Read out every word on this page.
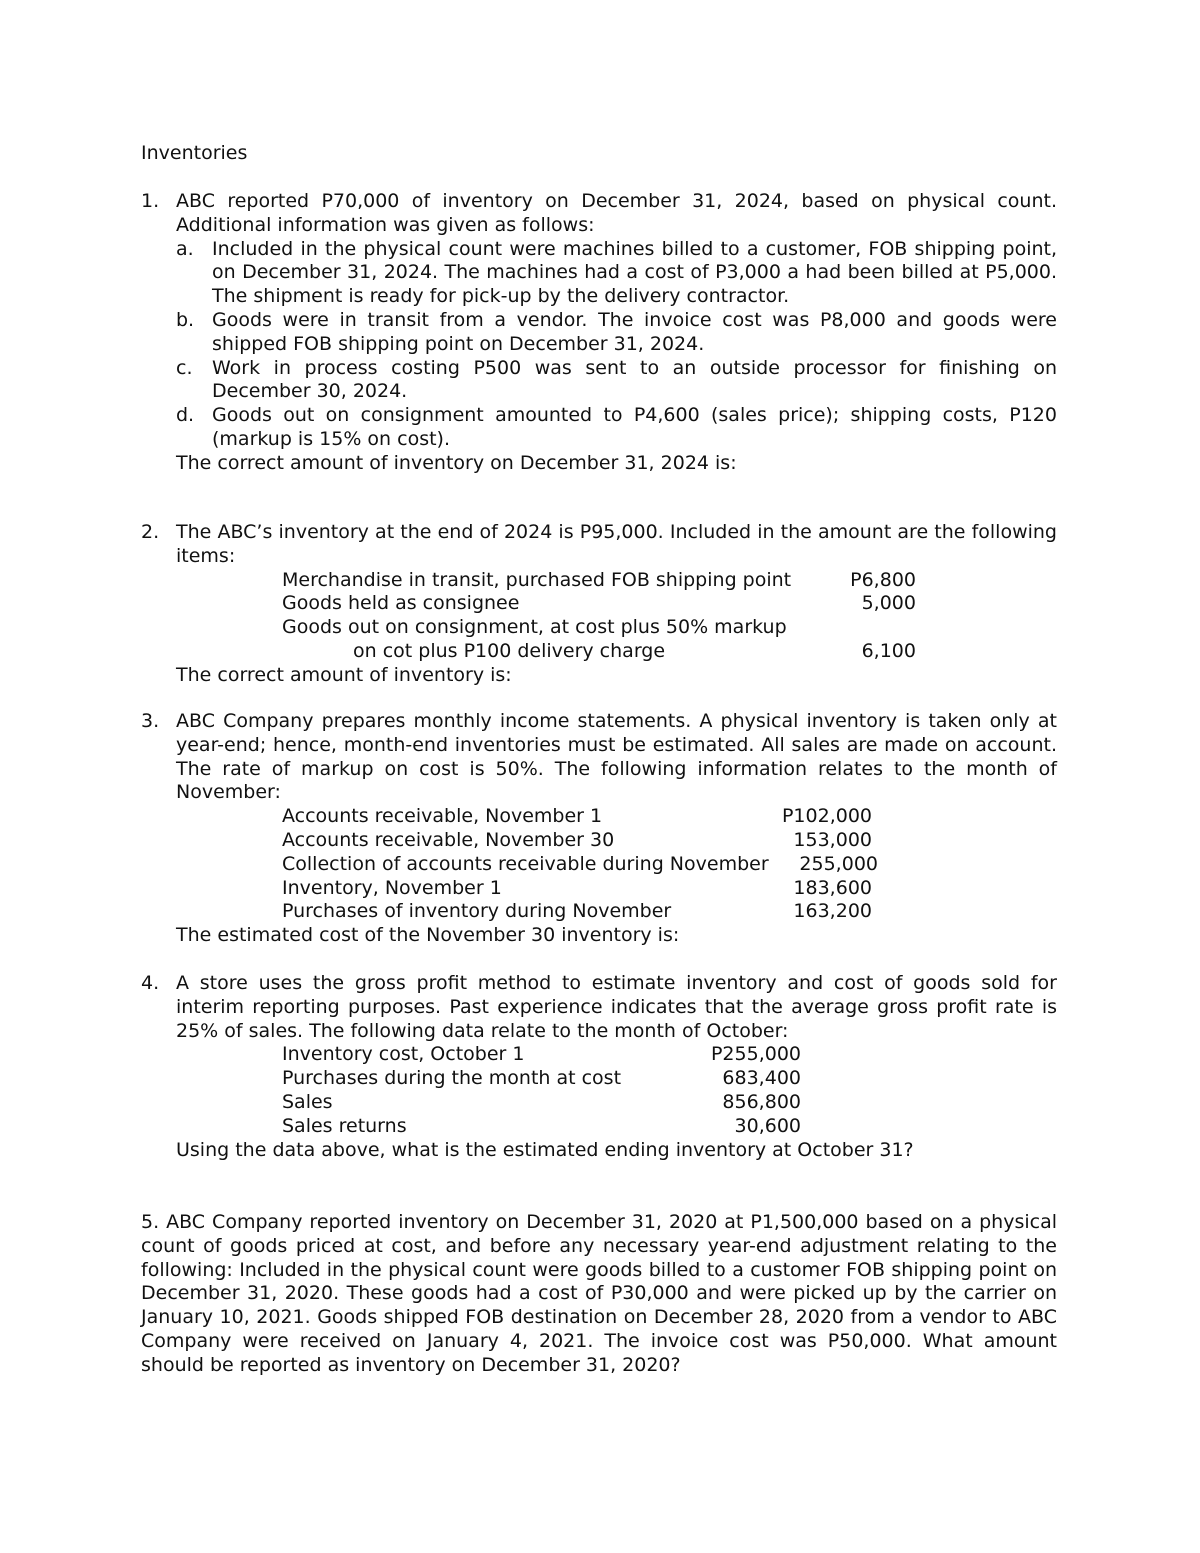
Inventories
1. ABC reported P70,000 of inventory on December 31, 2024, based on physical count. Additional information was given as follows:
a. Included in the physical count were machines billed to a customer, FOB shipping point, on December 31, 2024. The machines had a cost of P3,000 a had been billed at P5,000. The shipment is ready for pick-up by the delivery contractor.
b. Goods were in transit from a vendor. The invoice cost was P8,000 and goods were shipped FOB shipping point on December 31, 2024.
c. Work in process costing P500 was sent to an outside processor for finishing on December 30, 2024.
d. Goods out on consignment amounted to P4,600 (sales price); shipping costs, P120 (markup is 15% on cost).
The correct amount of inventory on December 31, 2024 is:
2. The ABC’s inventory at the end of 2024 is P95,000. Included in the amount are the following items:
Merchandise in transit, purchased FOB shipping point	P6,800
Goods held as consignee	5,000
Goods out on consignment, at cost plus 50% markup
on cot plus P100 delivery charge	6,100
The correct amount of inventory is:
3. ABC Company prepares monthly income statements. A physical inventory is taken only at year-end; hence, month-end inventories must be estimated. All sales are made on account. The rate of markup on cost is 50%. The following information relates to the month of November:
Accounts receivable, November 1	P102,000
Accounts receivable, November 30	153,000
Collection of accounts receivable during November 255,000
Inventory, November 1	183,600
Purchases of inventory during November	163,200
The estimated cost of the November 30 inventory is:
4. A store uses the gross profit method to estimate inventory and cost of goods sold for interim reporting purposes. Past experience indicates that the average gross profit rate is 25% of sales. The following data relate to the month of October:
Inventory cost, October 1	P255,000
Purchases during the month at cost	683,400
Sales	856,800
Sales returns	30,600
Using the data above, what is the estimated ending inventory at October 31?
5. ABC Company reported inventory on December 31, 2020 at P1,500,000 based on a physical count of goods priced at cost, and before any necessary year-end adjustment relating to the following: Included in the physical count were goods billed to a customer FOB shipping point on December 31, 2020. These goods had a cost of P30,000 and were picked up by the carrier on January 10, 2021. Goods shipped FOB destination on December 28, 2020 from a vendor to ABC Company were received on January 4, 2021. The invoice cost was P50,000. What amount should be reported as inventory on December 31, 2020?
